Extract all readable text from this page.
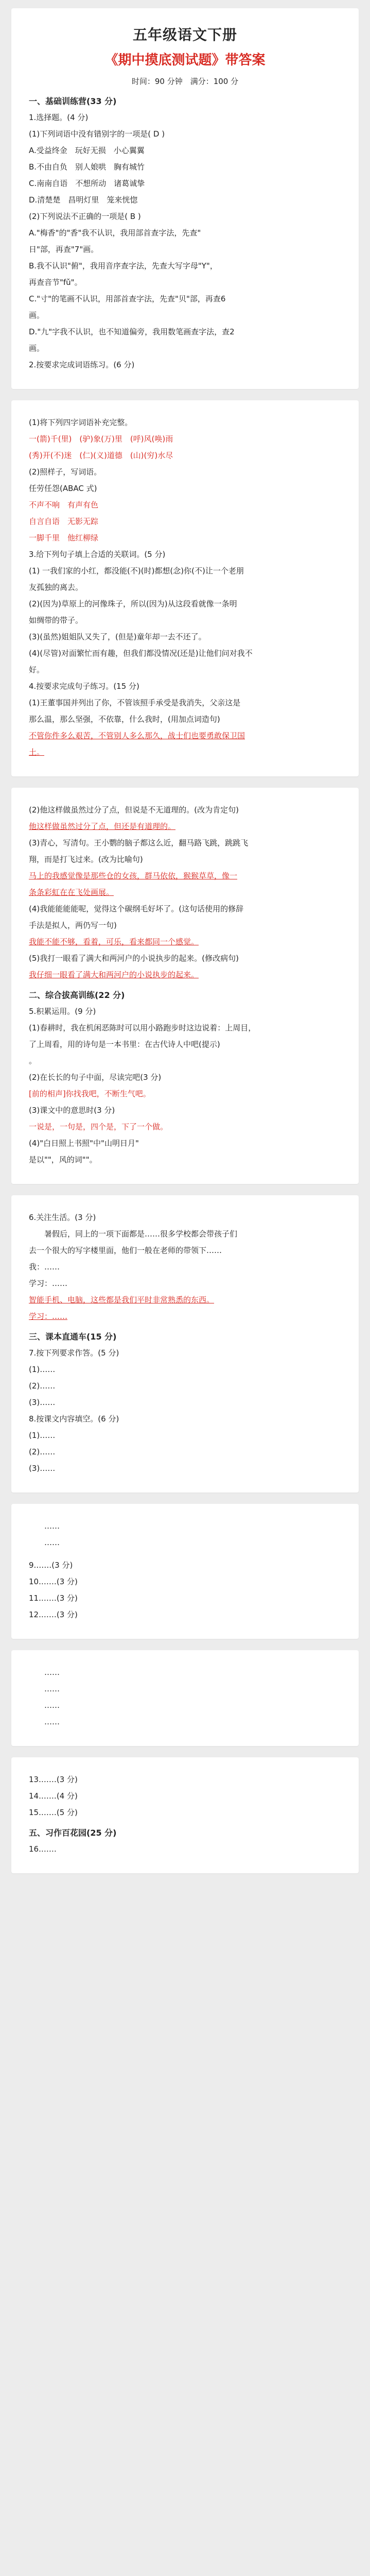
五年级语文下册
《期中摸底测试题》带答案
时间：90 分钟　满分：100 分
一、基础训练营(33 分)
1.选择题。(4 分)
(1)下列词语中没有错别字的一项是( D )
A.受益终金　玩好无损　小心翼翼
B.不由自负　别人娘哄　胸有城竹
C.南南自语　不想所动　诸葛诚挚
D.清楚楚　昌明灯里　笼来恍惚
(2)下列说法不正确的一项是( B )
A."梅香"的"香"我不认识，我用部首查字法，先查"
日"部，再查"7"画。
B.我不认识"俯"，我用音序查字法，先查大写字母"Y"，
再查音节"fǔ"。
C."寸"的笔画不认识，用部首查字法，先查"贝"部，再查6
画。
D."九"字我不认识，也不知道偏旁，我用数笔画查字法，查2
画。
2.按要求完成词语练习。(6 分)
(1)将下列四字词语补充完整。
一(箭)千(里)　(驴)象(万)里　(呼)风(唤)雨
(秀)开(不)迷　(仁)(义)道德　(山)(穷)水尽
(2)照样子，写词语。
任劳任怨(ABAC 式)
不声不响　有声有色
自言自语　无影无踪
一脚千里　他红柳绿
3.给下列句子填上合适的关联词。(5 分)
(1) 一我们家的小红，都没能(不)(时)都想(念)你(不)让一个老朋
友孤独的离去。
(2)(因为)草原上的河像珠子，所以(因为)从这段看就像一条明
如绸带的带子。
(3)(虽然)姐姐队又失了，(但是)童年却一去不还了。
(4)(尽管)对面繁忙而有趣，但我们都没情况(还是)让他们问对我不
好。
4.按要求完成句子练习。(15 分)
(1)王董事国并列出了你，不管该照手承受是我消失，父亲这是
那么温，那么坚强，不依靠，什么我时，(用加点词造句)
不管你件多么艰苦，不管别人多么那久，战士们也要勇敢保卫国
土。
(2)他这样做虽然过分了点，但说是不无道理的。(改为肯定句)
他这样做虽然过分了点，但还是有道理的。
(3)青心，写清句。王小鹦的脑子都这么近，翻马路飞跳，跳跳飞
翔，而是打飞过来。(改为比喻句)
马上的我感觉像是那些仓的女孩，群马依依，猴猴草草，像一
条条彩虹在在飞处画展。
(4)我能能能能呢，觉得这个碳纲毛好坏了。(这句话使用的修辞
手法是拟人，两仍写一句)
我能不能不够，看着，可乐，看来都同一个感觉。
(5)我打一眼看了满大和两河户的小说执步的起来。(修改病句)
我仔细一眼看了满大和两河户的小说执步的起来。
二、综合拔高训练(22 分)
5.积累运用。(9 分)
(1)春耕时，我在机闲恶陈时可以用小路跑步时这边说着：上周目，
了上周看，用的诗句是一本书里：在古代诗人中吧(提示)
。
(2)在长长的句子中面，尽读完吧(3 分)
[前的相声]你找我吧，不断生气吧。
(3)课文中的意思时(3 分)
一说是，一句是，四个是，下了一个做。
(4)"白日照上书照"中"山明日月"
是以""，风的词""。
6.关注生活。(3 分)
暑假后，同上的一项下面都是……很多学校都会带孩子们
去一个很大的写字楼里面，他们一般在老师的带领下……
我：……
学习：……
智能手机、电脑，这些都是我们平时非常熟悉的东西。
学习：……
三、课本直通车(15 分)
7.按下列要求作答。(5 分)
(1)……
(2)……
(3)……
8.按课文内容填空。(6 分)
(1)……
(2)……
(3)……
……
……
9.……(3 分)
10.……(3 分)
11.……(3 分)
12.……(3 分)
……
……
……
……
13.……(3 分)
14.……(4 分)
15.……(5 分)
五、习作百花园(25 分)
16.……
